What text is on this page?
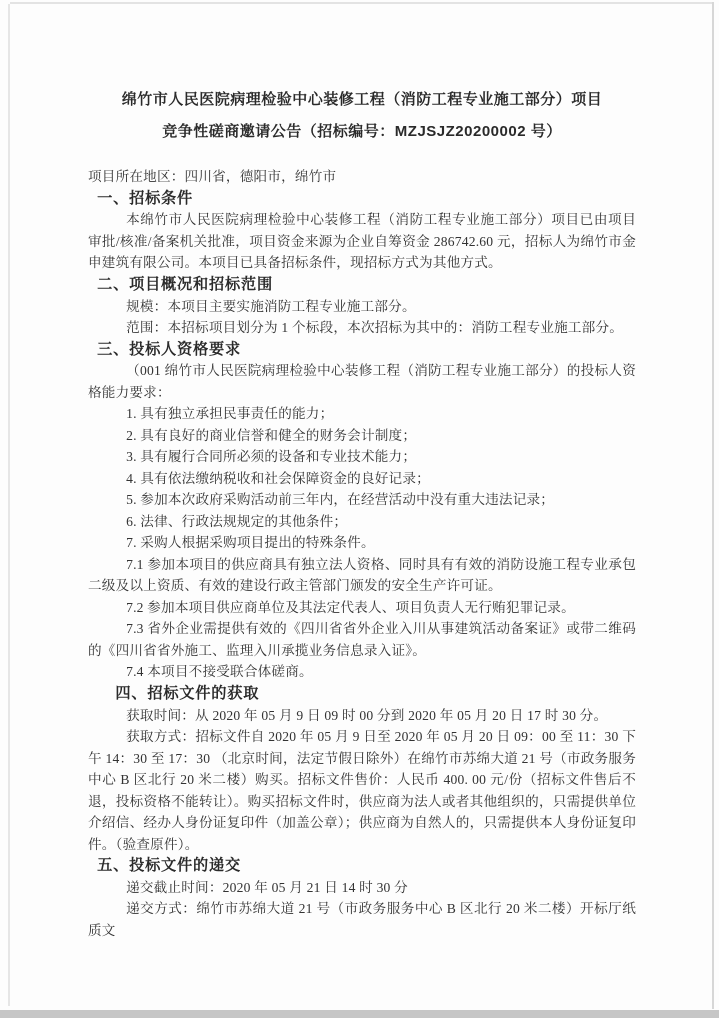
绵竹市人民医院病理检验中心装修工程（消防工程专业施工部分）项目
竞争性磋商邀请公告（招标编号：MZJSJZ20200002 号）

项目所在地区：四川省，德阳市，绵竹市

一、招标条件

本绵竹市人民医院病理检验中心装修工程（消防工程专业施工部分）项目已由项目审批/核准/备案机关批准，项目资金来源为企业自筹资金 286742.60 元，招标人为绵竹市金申建筑有限公司。本项目已具备招标条件，现招标方式为其他方式。

二、项目概况和招标范围

规模：本项目主要实施消防工程专业施工部分。

范围：本招标项目划分为 1 个标段，本次招标为其中的：消防工程专业施工部分。

三、投标人资格要求

（001 绵竹市人民医院病理检验中心装修工程（消防工程专业施工部分）的投标人资格能力要求：

1. 具有独立承担民事责任的能力；

2. 具有良好的商业信誉和健全的财务会计制度；

3. 具有履行合同所必须的设备和专业技术能力；

4. 具有依法缴纳税收和社会保障资金的良好记录；

5. 参加本次政府采购活动前三年内，在经营活动中没有重大违法记录；

6. 法律、行政法规规定的其他条件；

7. 采购人根据采购项目提出的特殊条件。

7.1 参加本项目的供应商具有独立法人资格、同时具有有效的消防设施工程专业承包二级及以上资质、有效的建设行政主管部门颁发的安全生产许可证。

7.2 参加本项目供应商单位及其法定代表人、项目负责人无行贿犯罪记录。

7.3 省外企业需提供有效的《四川省省外企业入川从事建筑活动备案证》或带二维码的《四川省省外施工、监理入川承揽业务信息录入证》。

7.4 本项目不接受联合体磋商。

四、招标文件的获取

获取时间：从 2020 年 05 月 9 日 09 时 00 分到 2020 年 05 月 20 日 17 时 30 分。

获取方式：招标文件自 2020 年 05 月 9 日至 2020 年 05 月 20 日 09：00 至 11：30 下午 14：30 至 17：30 （北京时间，法定节假日除外）在绵竹市苏绵大道 21 号（市政务服务中心 B 区北行 20 米二楼）购买。招标文件售价：人民币 400. 00 元/份（招标文件售后不退，投标资格不能转让）。购买招标文件时，供应商为法人或者其他组织的，只需提供单位介绍信、经办人身份证复印件（加盖公章）；供应商为自然人的，只需提供本人身份证复印件。（验查原件）。

五、投标文件的递交

递交截止时间：2020 年 05 月 21 日 14 时 30 分

递交方式：绵竹市苏绵大道 21 号（市政务服务中心 B 区北行 20 米二楼）开标厅纸质文
